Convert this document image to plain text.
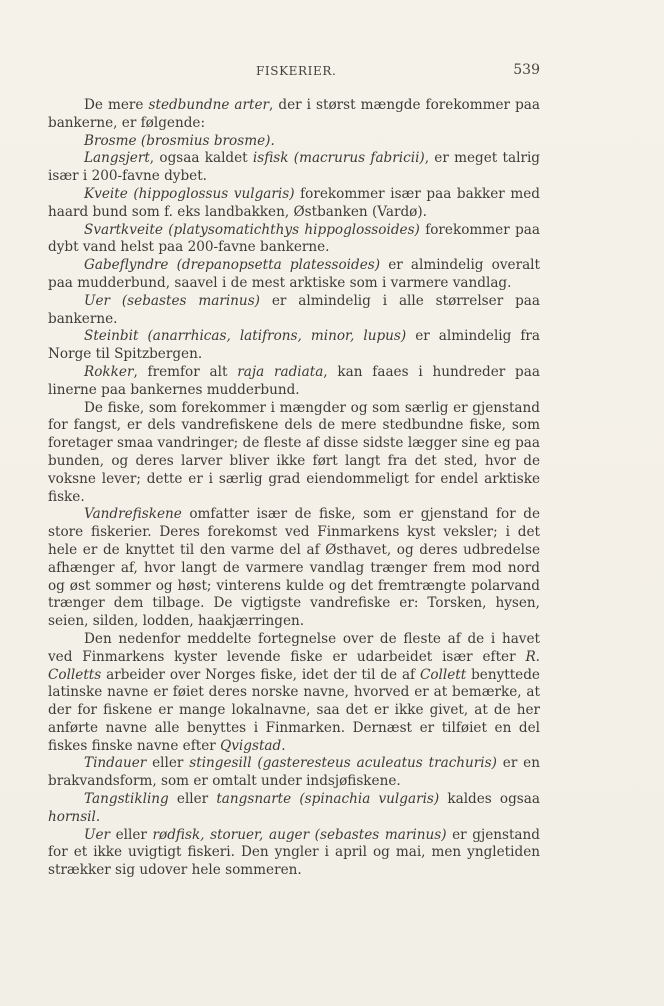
FISKERIER.	539

De mere stedbundne arter, der i størst mængde forekommer paa bankerne, er følgende:

Brosme (brosmius brosme).

Langsjert, ogsaa kaldet isfisk (macrurus fabricii), er meget talrig især i 200-favne dybet.

Kveite (hippoglossus vulgaris) forekommer især paa bakker med haard bund som f. eks landbakken, Østbanken (Vardø).

Svartkveite (platysomatichthys hippoglossoides) forekommer paa dybt vand helst paa 200-favne bankerne.

Gabeflyndre (drepanopsetta platessoides) er almindelig overalt paa mudderbund, saavel i de mest arktiske som i varmere vandlag.

Uer (sebastes marinus) er almindelig i alle størrelser paa bankerne.

Steinbit (anarrhicas, latifrons, minor, lupus) er almindelig fra Norge til Spitzbergen.

Rokker, fremfor alt raja radiata, kan faaes i hundreder paa linerne paa bankernes mudderbund.

De fiske, som forekommer i mængder og som særlig er gjenstand for fangst, er dels vandrefiskene dels de mere stedbundne fiske, som foretager smaa vandringer; de fleste af disse sidste lægger sine eg paa bunden, og deres larver bliver ikke ført langt fra det sted, hvor de voksne lever; dette er i særlig grad eiendommeligt for endel arktiske fiske.

Vandrefiskene omfatter især de fiske, som er gjenstand for de store fiskerier. Deres forekomst ved Finmarkens kyst veksler; i det hele er de knyttet til den varme del af Østhavet, og deres udbredelse afhænger af, hvor langt de varmere vandlag trænger frem mod nord og øst sommer og høst; vinterens kulde og det fremtrængte polarvand trænger dem tilbage. De vigtigste vandrefiske er: Torsken, hysen, seien, silden, lodden, haakjærringen.

Den nedenfor meddelte fortegnelse over de fleste af de i havet ved Finmarkens kyster levende fiske er udarbeidet især efter R. Colletts arbeider over Norges fiske, idet der til de af Collett benyttede latinske navne er føiet deres norske navne, hvorved er at bemærke, at der for fiskene er mange lokalnavne, saa det er ikke givet, at de her anførte navne alle benyttes i Finmarken. Dernæst er tilføiet en del fiskes finske navne efter Qvigstad.

Tindauer eller stingesill (gasteresteus aculeatus trachuris) er en brakvandsform, som er omtalt under indsjøfiskene.

Tangstikling eller tangsnarte (spinachia vulgaris) kaldes ogsaa hornsil.

Uer eller rødfisk, storuer, auger (sebastes marinus) er gjenstand for et ikke uvigtigt fiskeri. Den yngler i april og mai, men yngletiden strækker sig udover hele sommeren.
